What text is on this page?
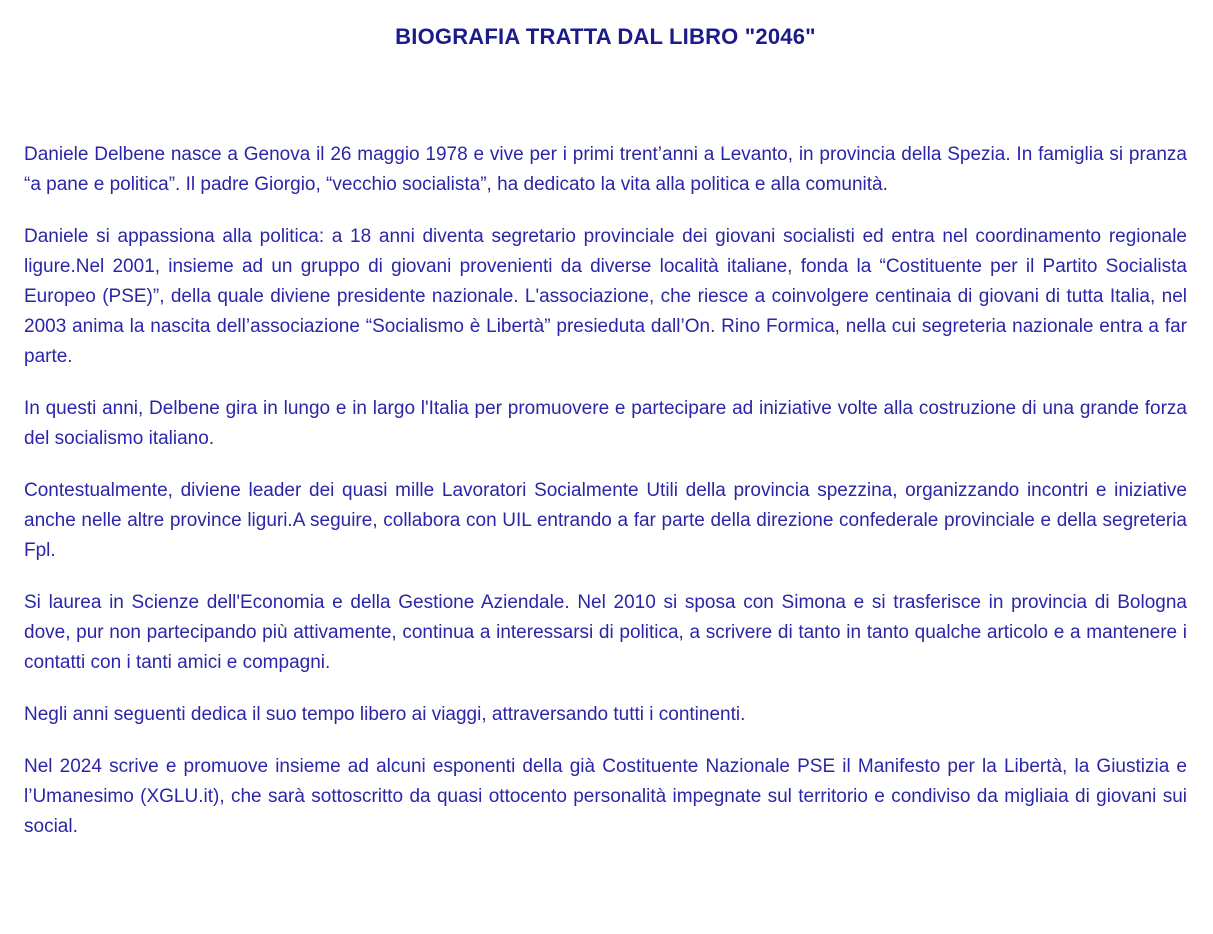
BIOGRAFIA TRATTA DAL LIBRO "2046"

Daniele Delbene nasce a Genova il 26 maggio 1978 e vive per i primi trent’anni a Levanto, in provincia della Spezia. In famiglia si pranza “a pane e politica”. Il padre Giorgio, “vecchio socialista”, ha dedicato la vita alla politica e alla comunità.

Daniele si appassiona alla politica: a 18 anni diventa segretario provinciale dei giovani socialisti ed entra nel coordinamento regionale ligure.Nel 2001, insieme ad un gruppo di giovani provenienti da diverse località italiane, fonda la “Costituente per il Partito Socialista Europeo (PSE)”, della quale diviene presidente nazionale. L'associazione, che riesce a coinvolgere centinaia di giovani di tutta Italia, nel 2003 anima la nascita dell’associazione “Socialismo è Libertà” presieduta dall’On. Rino Formica, nella cui segreteria nazionale entra a far parte.

In questi anni, Delbene gira in lungo e in largo l'Italia per promuovere e partecipare ad iniziative volte alla costruzione di una grande forza del socialismo italiano.

Contestualmente, diviene leader dei quasi mille Lavoratori Socialmente Utili della provincia spezzina, organizzando incontri e iniziative anche nelle altre province liguri.A seguire, collabora con UIL entrando a far parte della direzione confederale provinciale e della segreteria Fpl.

Si laurea in Scienze dell'Economia e della Gestione Aziendale. Nel 2010 si sposa con Simona e si trasferisce in provincia di Bologna dove, pur non partecipando più attivamente, continua a interessarsi di politica, a scrivere di tanto in tanto qualche articolo e a mantenere i contatti con i tanti amici e compagni.

Negli anni seguenti dedica il suo tempo libero ai viaggi, attraversando tutti i continenti.

Nel 2024 scrive e promuove insieme ad alcuni esponenti della già Costituente Nazionale PSE il Manifesto per la Libertà, la Giustizia e l’Umanesimo (XGLU.it), che sarà sottoscritto da quasi ottocento personalità impegnate sul territorio e condiviso da migliaia di giovani sui social.
